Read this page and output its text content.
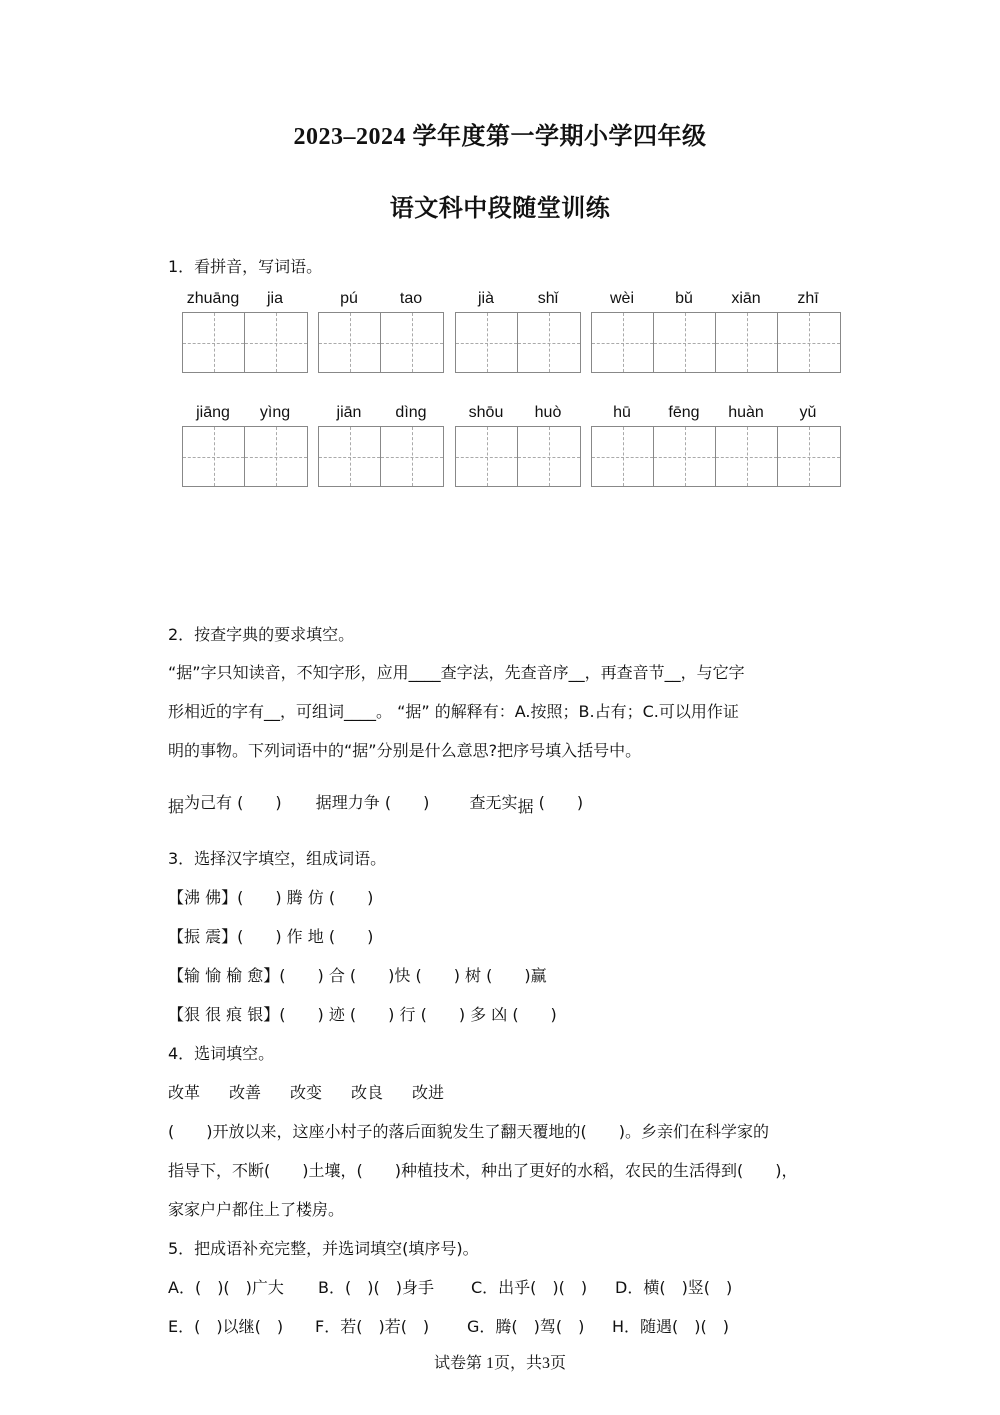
2023–2024 学年度第一学期小学四年级
语文科中段随堂训练
1．看拼音，写词语。
zhuāng	jia	pú	tao	jià	shǐ	wèi	bǔ	xiān	zhī
jiāng	yìng	jiān	dìng	shōu	huò	hū	fēng	huàn	yǔ
2．按查字典的要求填空。
“据”字只知读音，不知字形，应用____查字法，先查音序__，再查音节__，与它字
形相近的字有__，可组词____。 “据” 的解释有：A.按照；B.占有；C.可以用作证
明的事物。下列词语中的“据”分别是什么意思?把序号填入括号中。
据为己有 (　　) 据理力争 (　　)	查无实据 (　　)
3．选择汉字填空，组成词语。
【沸 佛】(　　) 腾 仿 (　　)
【振 震】(　　) 作 地 (　　)
【输 愉 榆 愈】(　　) 合 (　　)快 (　　) 树 (　　)赢
【狠 很 痕 银】(　　) 迹 (　　) 行 (　　) 多 凶 (　　)
4．选词填空。
改革 改善 改变 改良 改进
(　　)开放以来，这座小村子的落后面貌发生了翻天覆地的(　　)。乡亲们在科学家的
指导下，不断(　　)土壤，(　　)种植技术，种出了更好的水稻，农民的生活得到(　　)，
家家户户都住上了楼房。
5．把成语补充完整，并选词填空(填序号)。
A．(　)(　)广大 B．(　)(　)身手 C．出乎(　)(　) D．横(　)竖(　)
E．(　)以继(　) F．若(　)若(　) G．腾(　)驾(　) H．随遇(　)(　)
试卷第 1页，共3页
